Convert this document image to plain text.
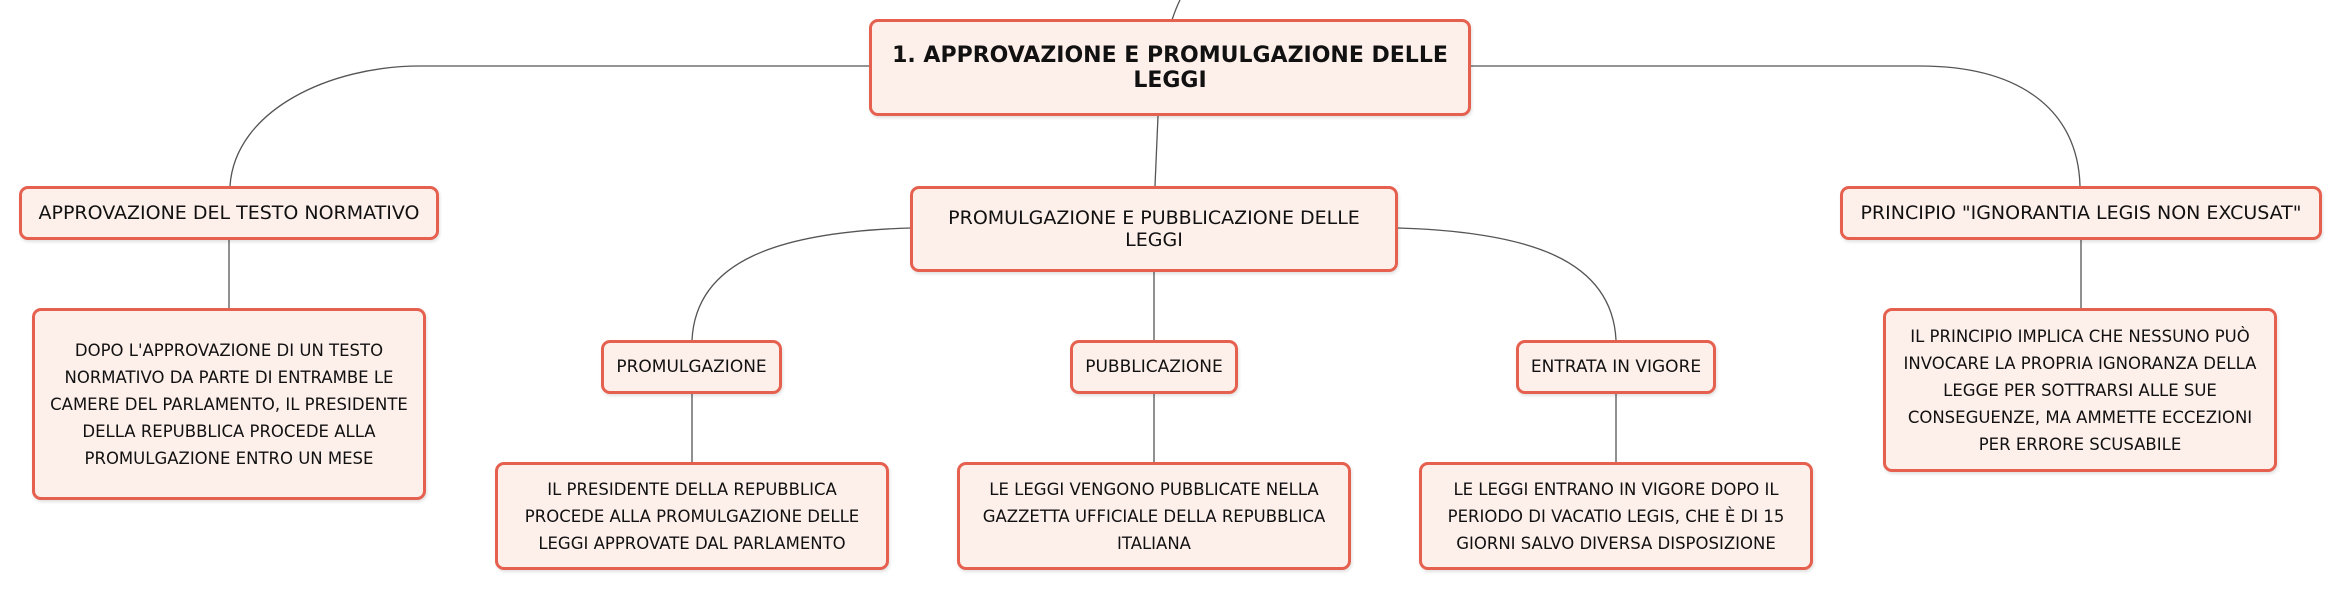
1. APPROVAZIONE E PROMULGAZIONE DELLE LEGGI
APPROVAZIONE DEL TESTO NORMATIVO
DOPO L'APPROVAZIONE DI UN TESTO NORMATIVO DA PARTE DI ENTRAMBE LE CAMERE DEL PARLAMENTO, IL PRESIDENTE DELLA REPUBBLICA PROCEDE ALLA PROMULGAZIONE ENTRO UN MESE
PROMULGAZIONE E PUBBLICAZIONE DELLE LEGGI
PROMULGAZIONE
IL PRESIDENTE DELLA REPUBBLICA PROCEDE ALLA PROMULGAZIONE DELLE LEGGI APPROVATE DAL PARLAMENTO
PUBBLICAZIONE
LE LEGGI VENGONO PUBBLICATE NELLA GAZZETTA UFFICIALE DELLA REPUBBLICA ITALIANA
ENTRATA IN VIGORE
LE LEGGI ENTRANO IN VIGORE DOPO IL PERIODO DI VACATIO LEGIS, CHE È DI 15 GIORNI SALVO DIVERSA DISPOSIZIONE
PRINCIPIO "IGNORANTIA LEGIS NON EXCUSAT"
IL PRINCIPIO IMPLICA CHE NESSUNO PUÒ INVOCARE LA PROPRIA IGNORANZA DELLA LEGGE PER SOTTRARSI ALLE SUE CONSEGUENZE, MA AMMETTE ECCEZIONI PER ERRORE SCUSABILE
